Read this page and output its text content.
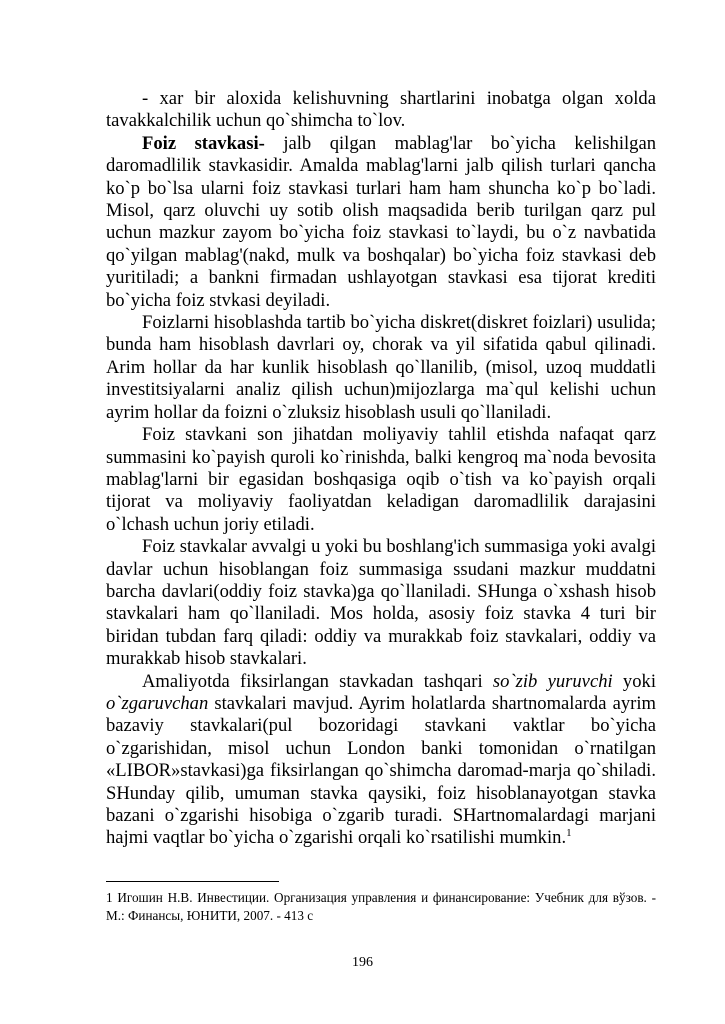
- xar bir aloxida kelishuvning shartlarini inobatga olgan xolda tavakkalchilik uchun qo`shimcha to`lov.

Foiz stavkasi- jalb qilgan mablag'lar bo`yicha kelishilgan daromadlilik stavkasidir. Amalda mablag'larni jalb qilish turlari qancha ko`p bo`lsa ularni foiz stavkasi turlari ham ham shuncha ko`p bo`ladi. Misol, qarz oluvchi uy sotib olish maqsadida berib turilgan qarz pul uchun mazkur zayom bo`yicha foiz stavkasi to`laydi, bu o`z navbatida qo`yilgan mablag'(nakd, mulk va boshqalar) bo`yicha foiz stavkasi deb yuritiladi; a bankni firmadan ushlayotgan stavkasi esa tijorat krediti bo`yicha foiz stvkasi deyiladi.

Foizlarni hisoblashda tartib bo`yicha diskret(diskret foizlari) usulida; bunda ham hisoblash davrlari oy, chorak va yil sifatida qabul qilinadi. Arim hollar da har kunlik hisoblash qo`llanilib, (misol, uzoq muddatli investitsiyalarni analiz qilish uchun)mijozlarga ma`qul kelishi uchun ayrim hollar da foizni o`zluksiz hisoblash usuli qo`llaniladi.

Foiz stavkani son jihatdan moliyaviy tahlil etishda nafaqat qarz summasini ko`payish quroli ko`rinishda, balki kengroq ma`noda bevosita mablag'larni bir egasidan boshqasiga oqib o`tish va ko`payish orqali tijorat va moliyaviy faoliyatdan keladigan daromadlilik darajasini o`lchash uchun joriy etiladi.

Foiz stavkalar avvalgi u yoki bu boshlang'ich summasiga yoki avalgi davlar uchun hisoblangan foiz summasiga ssudani mazkur muddatni barcha davlari(oddiy foiz stavka)ga qo`llaniladi. SHunga o`xshash hisob stavkalari ham qo`llaniladi. Mos holda, asosiy foiz stavka 4 turi bir biridan tubdan farq qiladi: oddiy va murakkab foiz stavkalari, oddiy va murakkab hisob stavkalari.

Amaliyotda fiksirlangan stavkadan tashqari so`zib yuruvchi yoki o`zgaruvchan stavkalari mavjud. Ayrim holatlarda shartnomalarda ayrim bazaviy stavkalari(pul bozoridagi stavkani vaktlar bo`yicha o`zgarishidan, misol uchun London banki tomonidan o`rnatilgan «LIBOR»stavkasi)ga fiksirlangan qo`shimcha daromad-marja qo`shiladi. SHunday qilib, umuman stavka qaysiki, foiz hisoblanayotgan stavka bazani o`zgarishi hisobiga o`zgarib turadi. SHartnomalardagi marjani hajmi vaqtlar bo`yicha o`zgarishi orqali ko`rsatilishi mumkin.$^1$

1 Игошин Н.В. Инвестиции. Организация управления и финансирование: Учебник для вўзов. - М.: Финансы, ЮНИТИ, 2007. - 413 с

196
